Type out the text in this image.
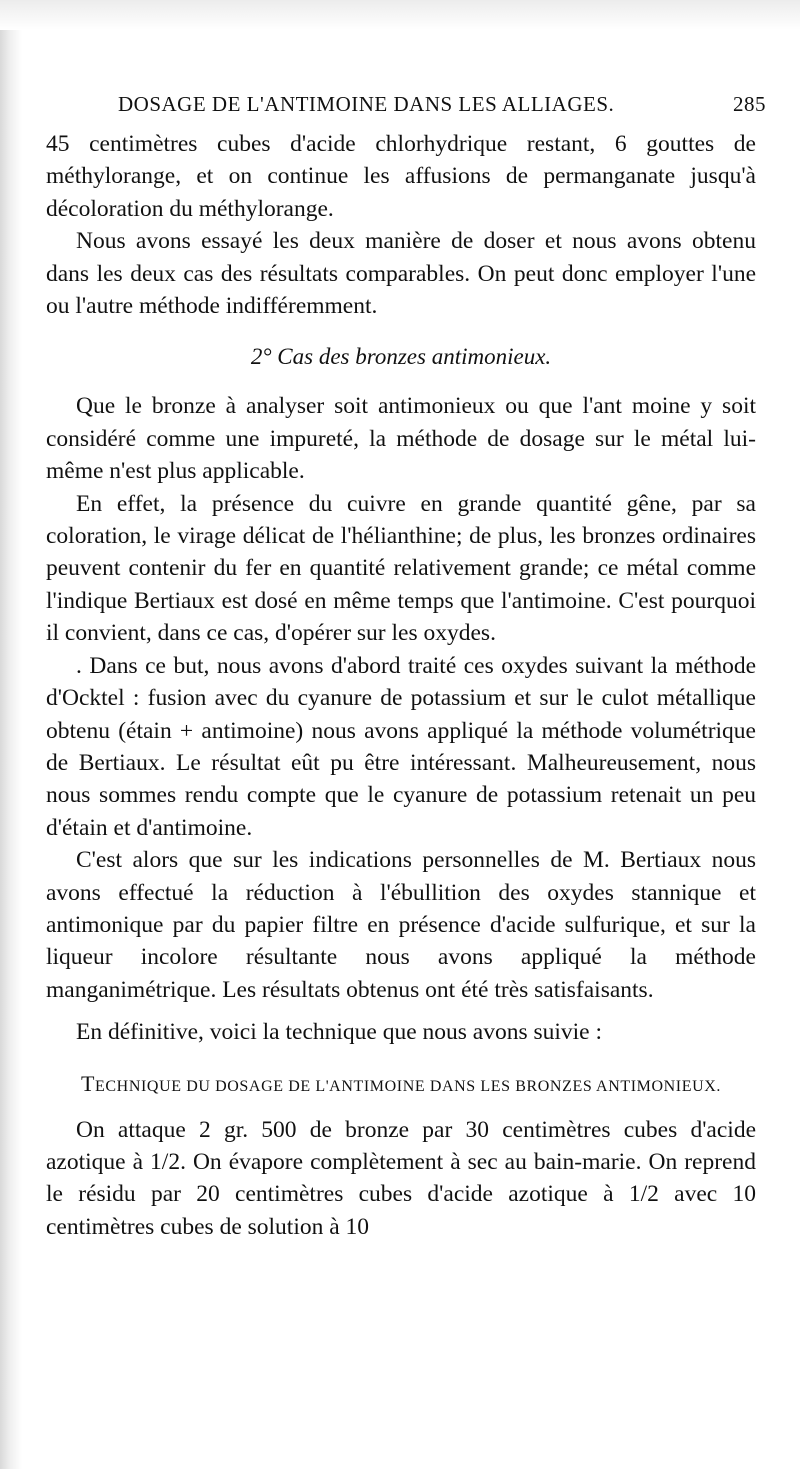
DOSAGE DE L'ANTIMOINE DANS LES ALLIAGES.	285

45 centimètres cubes d'acide chlorhydrique restant, 6 gouttes de méthylorange, et on continue les affusions de permanganate jusqu'à décoloration du méthylorange.

Nous avons essayé les deux manière de doser et nous avons obtenu dans les deux cas des résultats comparables. On peut donc employer l'une ou l'autre méthode indifféremment.

2° Cas des bronzes antimonieux.

Que le bronze à analyser soit antimonieux ou que l'ant moine y soit considéré comme une impureté, la méthode de dosage sur le métal lui-même n'est plus applicable.

En effet, la présence du cuivre en grande quantité gêne, par sa coloration, le virage délicat de l'hélianthine; de plus, les bronzes ordinaires peuvent contenir du fer en quantité relativement grande; ce métal comme l'indique Bertiaux est dosé en même temps que l'antimoine. C'est pourquoi il convient, dans ce cas, d'opérer sur les oxydes.

. Dans ce but, nous avons d'abord traité ces oxydes suivant la méthode d'Ocktel : fusion avec du cyanure de potassium et sur le culot métallique obtenu (étain + antimoine) nous avons appliqué la méthode volumétrique de Bertiaux. Le résultat eût pu être intéressant. Malheureusement, nous nous sommes rendu compte que le cyanure de potassium retenait un peu d'étain et d'antimoine.

C'est alors que sur les indications personnelles de M. Bertiaux nous avons effectué la réduction à l'ébullition des oxydes stannique et antimonique par du papier filtre en présence d'acide sulfurique, et sur la liqueur incolore résultante nous avons appliqué la méthode manganimétrique. Les résultats obtenus ont été très satisfaisants.

En définitive, voici la technique que nous avons suivie :

TECHNIQUE DU DOSAGE DE L'ANTIMOINE DANS LES BRONZES ANTIMONIEUX.

On attaque 2 gr. 500 de bronze par 30 centimètres cubes d'acide azotique à 1/2. On évapore complètement à sec au bain-marie. On reprend le résidu par 20 centimètres cubes d'acide azotique à 1/2 avec 10 centimètres cubes de solution à 10
